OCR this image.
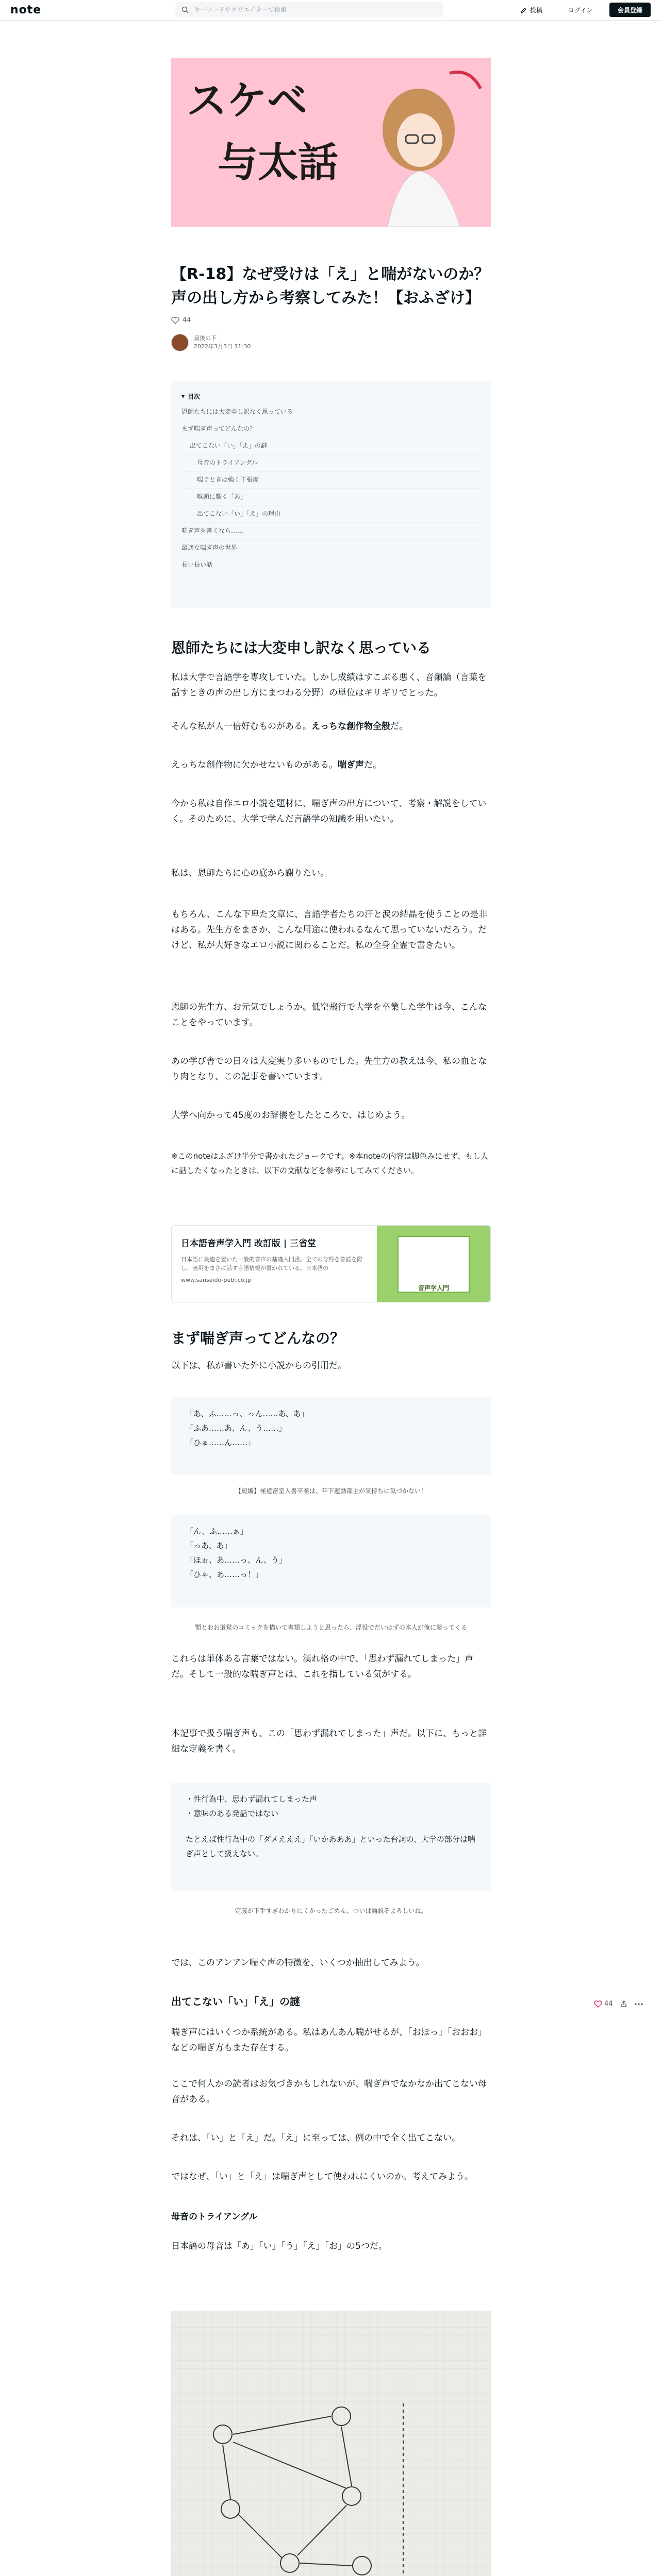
note
キーワードやクリエイターで検索	投稿	ログイン	会員登録
スケベ
与太話
【R-18】なぜ受けは「え」と喘がないのか？
声の出し方から考察してみた！【おふざけ】
44
最後の下
2022年3月3日 11:30
▾ 目次
恩師たちには大変申し訳なく思っている
まず喘ぎ声ってどんなの？
出てこない「い」「え」の謎
母音のトライアングル
喘ぐときは強く主張度
喉頭に響く「あ」
出てこない「い」「え」の理由
喘ぎ声を書くなら……
最適な喘ぎ声の世界
長い長い話
恩師たちには大変申し訳なく思っている
私は大学で言語学を専攻していた。しかし成績はすこぶる悪く、音韻論（言葉を話すときの声の出し方にまつわる分野）の単位はギリギリでとった。
そんな私が人一倍好むものがある。えっちな創作物全般だ。
えっちな創作物に欠かせないものがある。喘ぎ声だ。
今から私は自作エロ小説を題材に、喘ぎ声の出方について、考察・解説をしていく。そのために、大学で学んだ言語学の知識を用いたい。
私は、恩師たちに心の底から謝りたい。
もちろん、こんな下卑た文章に、言語学者たちの汗と涙の結晶を使うことの是非はある。先生方をまさか、こんな用途に使われるなんて思っていないだろう。だけど、私が大好きなエロ小説に関わることだ。私の全身全霊で書きたい。
恩師の先生方、お元気でしょうか。低空飛行で大学を卒業した学生は今、こんなことをやっています。
あの学び舎での日々は大変実り多いものでした。先生方の教えは今、私の血となり肉となり、この記事を書いています。
大学へ向かって45度のお辞儀をしたところで、はじめよう。
※このnoteはふざけ半分で書かれたジョークです。※本noteの内容は脚色みにせず、もし人に話したくなったときは、以下の文献などを参考にしてみてください。
日本語音声学入門 改訂版 | 三省堂
日本語に最適を置いた一般的音声の基礎入門書。全ての分野を音読を際し、実用をまさに話す言語情報が書かれている。日本語の
www.sanseido-publ.co.jp
音声学入門
まず喘ぎ声ってどんなの？
以下は、私が書いた外に小説からの引用だ。
「あ、ふ……っ、っん……あ、あ」
「ふあ……あ、ん、う……」
「ひゅ……ん……」
【短編】極道密室入書卒業は、年下運動部主が気持ちに気づかない！
「ん、ふ……ぁ」
「っあ、あ」
「ほぉ、あ……っ、ん、う」
「ひゃ、あ……っ！」
顎とおお道覚のコミックを描いて書類しようと思ったら、浮役でだいはずの本人が俺に繋ってくる
これらは単体ある言葉ではない。漢れ格の中で、「思わず漏れてしまった」声だ。そして一般的な喘ぎ声とは、これを指している気がする。
本記事で扱う喘ぎ声も、この「思わず漏れてしまった」声だ。以下に、もっと詳細な定義を書く。
・性行為中、思わず漏れてしまった声
・意味のある発話ではない
たとえば性行為中の「ダメえええ」「いかあああ」といった台詞の、大学の部分は喘ぎ声として扱えない。
定義が下手すぎわかりにくかったごめん、ついは論説ぞよろしいね。
では、このアンアン喘ぐ声の特徴を、いくつか抽出してみよう。
出てこない「い」「え」の謎	44
喘ぎ声にはいくつか系統がある。私はあんあん喘がせるが、「おほっ」「おおお」などの喘ぎ方もまた存在する。
ここで何人かの読者はお気づきかもしれないが、喘ぎ声でなかなか出てこない母音がある。
それは、「い」と「え」だ。「え」に至っては、例の中で全く出てこない。
ではなぜ、「い」と「え」は喘ぎ声として使われにくいのか。考えてみよう。
母音のトライアングル
日本語の母音は「あ」「い」「う」「え」「お」の5つだ。
